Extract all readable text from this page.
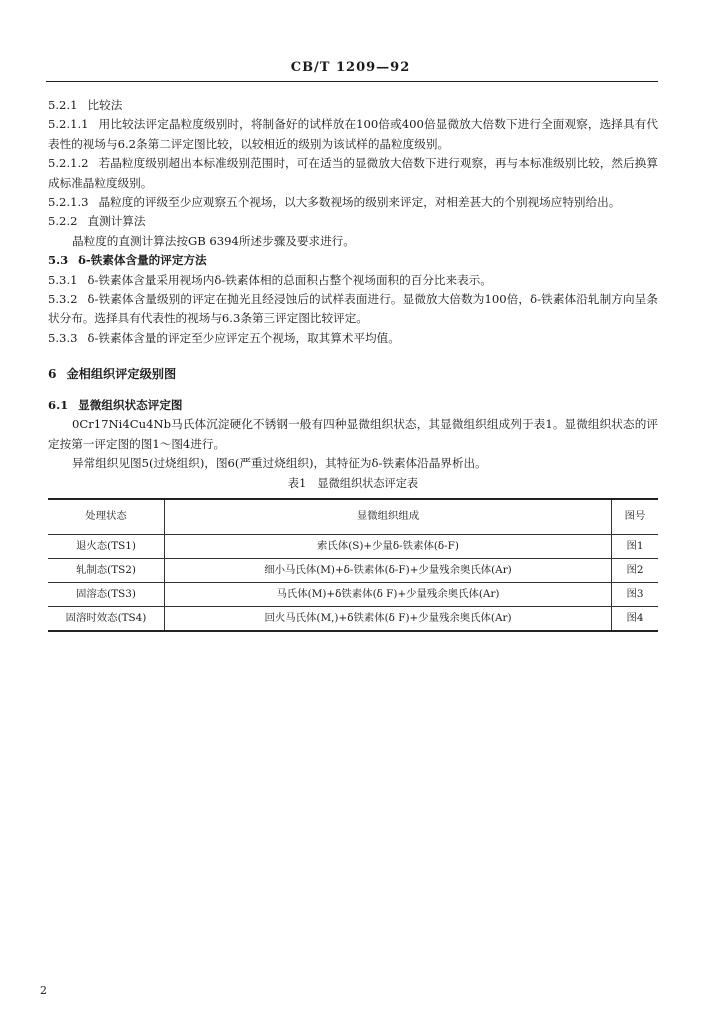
CB/T 1209—92

5.2.1 比较法

5.2.1.1 用比较法评定晶粒度级别时，将制备好的试样放在100倍或400倍显微放大倍数下进行全面观察，选择具有代表性的视场与6.2条第二评定图比较，以较相近的级别为该试样的晶粒度级别。

5.2.1.2 若晶粒度级别超出本标准级别范围时，可在适当的显微放大倍数下进行观察，再与本标准级别比较，然后换算成标准晶粒度级别。

5.2.1.3 晶粒度的评级至少应观察五个视场，以大多数视场的级别来评定，对相差甚大的个别视场应特别给出。

5.2.2 直测计算法

晶粒度的直测计算法按GB 6394所述步骤及要求进行。

5.3 δ-铁素体含量的评定方法

5.3.1 δ-铁素体含量采用视场内δ-铁素体相的总面积占整个视场面积的百分比来表示。

5.3.2 δ-铁素体含量级别的评定在抛光且经浸蚀后的试样表面进行。显微放大倍数为100倍，δ-铁素体沿轧制方向呈条状分布。选择具有代表性的视场与6.3条第三评定图比较评定。

5.3.3 δ-铁素体含量的评定至少应评定五个视场，取其算术平均值。

6 金相组织评定级别图

6.1 显微组织状态评定图

0Cr17Ni4Cu4Nb马氏体沉淀硬化不锈钢一般有四种显微组织状态，其显微组织组成列于表1。显微组织状态的评定按第一评定图的图1～图4进行。

异常组织见图5(过烧组织)，图6(严重过烧组织)，其特征为δ-铁素体沿晶界析出。

表1　显微组织状态评定表

处理状态	显微组织组成	图号
退火态(TS1)	索氏体(S)+少量δ-铁素体(δ-F)	图1
轧制态(TS2)	细小马氏体(M)+δ-铁素体(δ-F)+少量残余奥氏体(Ar)	图2
固溶态(TS3)	马氏体(M)+δ铁素体(δ F)+少量残余奥氏体(Ar)	图3
固溶时效态(TS4)	回火马氏体(M,)+δ铁素体(δ F)+少量残余奥氏体(Ar)	图4
2
